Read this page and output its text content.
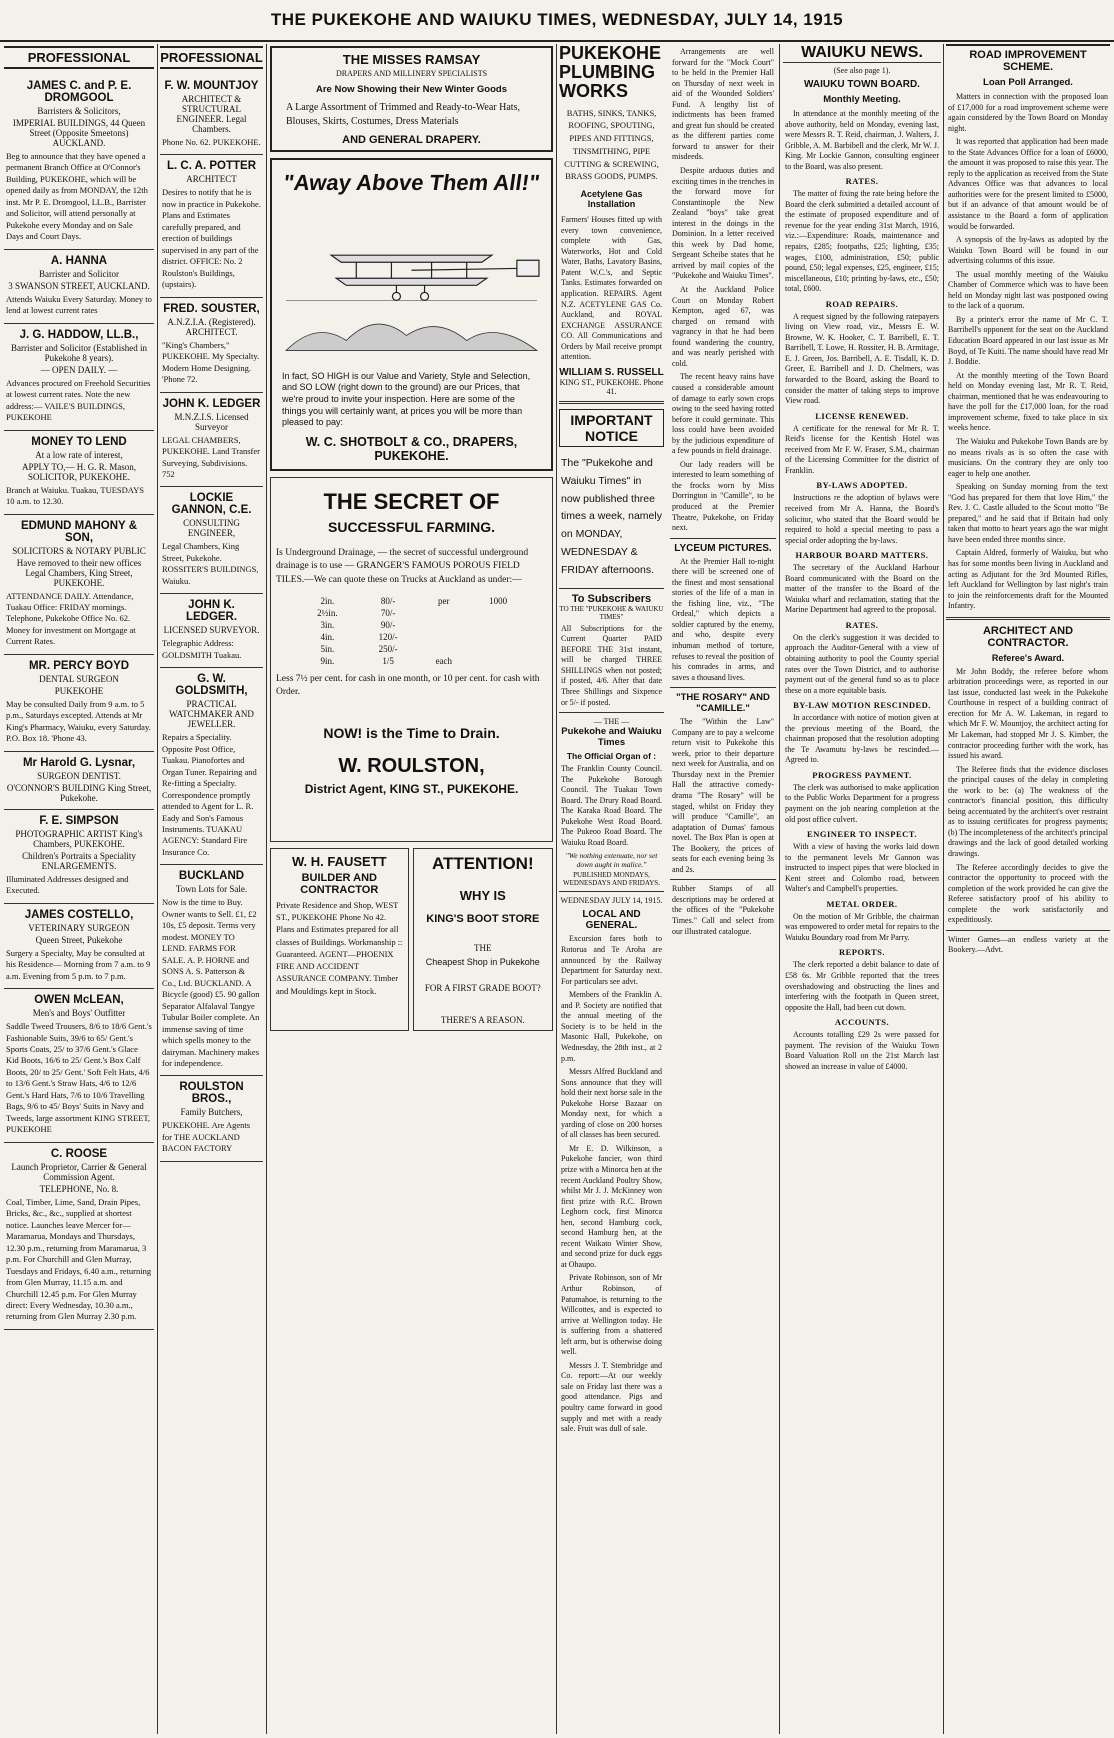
THE PUKEKOHE AND WAIUKU TIMES, WEDNESDAY, JULY 14, 1915
PROFESSIONAL
JAMES C. and P. E. DROMGOOL
Barristers & Solicitors,
IMPERIAL BUILDINGS, 44 Queen Street (Opposite Smeetons) AUCKLAND.
Beg to announce that they have opened a permanent Branch Office at O'Connor's Building, PUKEKOHE, which will be opened daily as from MONDAY, the 12th inst. Mr P. E. Dromgool, LL.B., Barrister and Solicitor, will attend personally at Pukekohe every Monday and on Sale Days and Court Days.
A. HANNA
Barrister and Solicitor
3 SWANSON STREET, AUCKLAND.
Attends Waiuku Every Saturday. Money to lend at lowest current rates
J. G. HADDOW, LL.B.,
Barrister and Solicitor (Established in Pukekohe 8 years).
— OPEN DAILY. —
Advances procured on Freehold Securities at lowest current rates. Note the new address:— VAILE'S BUILDINGS, PUKEKOHE
MONEY TO LEND
At a low rate of interest,
APPLY TO,— H. G. R. Mason, SOLICITOR, PUKEKOHE.
Branch at Waiuku. Tuakau, TUESDAYS 10 a.m. to 12.30.
EDMUND MAHONY & SON,
SOLICITORS & NOTARY PUBLIC
Have removed to their new offices Legal Chambers, King Street, PUKEKOHE.
ATTENDANCE DAILY. Attendance, Tuakau Office: FRIDAY mornings. Telephone, Pukekohe Office No. 62. Money for investment on Mortgage at Current Rates.
MR. PERCY BOYD
DENTAL SURGEON
PUKEKOHE
May be consulted Daily from 9 a.m. to 5 p.m., Saturdays excepted. Attends at Mr King's Pharmacy, Waiuku, every Saturday. P.O. Box 18. 'Phone 43.
Mr Harold G. Lysnar,
SURGEON DENTIST.
O'CONNOR'S BUILDING King Street, Pukekohe.
F. E. SIMPSON
PHOTOGRAPHIC ARTIST King's Chambers, PUKEKOHE.
Children's Portraits a Speciality ENLARGEMENTS.
Illuminated Addresses designed and Executed.
JAMES COSTELLO,
VETERINARY SURGEON
Queen Street, Pukekohe
Surgery a Specialty, May be consulted at his Residence— Morning from 7 a.m. to 9 a.m. Evening from 5 p.m. to 7 p.m.
OWEN McLEAN,
Men's and Boys' Outfitter
Saddle Tweed Trousers, 8/6 to 18/6 Gent.'s Fashionable Suits, 39/6 to 65/ Gent.'s Sports Coats, 25/ to 37/6 Gent.'s Glace Kid Boots, 16/6 to 25/ Gent.'s Box Calf Boots, 20/ to 25/ Gent.' Soft Felt Hats, 4/6 to 13/6 Gent.'s Straw Hats, 4/6 to 12/6 Gent.'s Hard Hats, 7/6 to 10/6 Travelling Bags, 9/6 to 45/ Boys' Suits in Navy and Tweeds, large assortment KING STREET, PUKEKOHE
C. ROOSE
Launch Proprietor, Carrier & General Commission Agent.
TELEPHONE, No. 8.
Coal, Timber, Lime, Sand, Drain Pipes, Bricks, &c., &c., supplied at shortest notice. Launches leave Mercer for—Maramarua, Mondays and Thursdays, 12.30 p.m., returning from Maramarua, 3 p.m. For Churchill and Glen Murray, Tuesdays and Fridays, 6.40 a.m., returning from Glen Murray, 11.15 a.m. and Churchill 12.45 p.m. For Glen Murray direct: Every Wednesday, 10.30 a.m., returning from Glen Murray 2.30 p.m.
PROFESSIONAL
F. W. MOUNTJOY
ARCHITECT & STRUCTURAL ENGINEER. Legal Chambers.
Phone No. 62. PUKEKOHE.
L. C. A. POTTER
ARCHITECT
Desires to notify that he is now in practice in Pukekohe. Plans and Estimates carefully prepared, and erection of buildings supervised in any part of the district. OFFICE: No. 2 Roulston's Buildings, (upstairs).
FRED. SOUSTER,
A.N.Z.I.A. (Registered). ARCHITECT.
"King's Chambers," PUKEKOHE. My Specialty. Modern Home Designing. 'Phone 72.
JOHN K. LEDGER
M.N.Z.I.S. Licensed Surveyor
LEGAL CHAMBERS, PUKEKOHE. Land Transfer Surveying, Subdivisions. 752
LOCKIE GANNON, C.E.
CONSULTING ENGINEER,
Legal Chambers, King Street, Pukekohe. ROSSITER'S BUILDINGS, Waiuku.
JOHN K. LEDGER.
LICENSED SURVEYOR.
Telegraphic Address: GOLDSMITH Tuakau.
G. W. GOLDSMITH,
PRACTICAL WATCHMAKER AND JEWELLER.
Repairs a Speciality. Opposite Post Office, Tuakau. Pianofortes and Organ Tuner. Repairing and Re-fitting a Specialty. Correspondence promptly attended to Agent for L. R. Eady and Son's Famous Instruments. TUAKAU AGENCY: Standard Fire Insurance Co.
BUCKLAND
Town Lots for Sale.
Now is the time to Buy. Owner wants to Sell. £1, £2 10s, £5 deposit. Terms very modest. MONEY TO LEND. FARMS FOR SALE. A. P. HORNE and SONS A. S. Patterson & Co., Ltd. BUCKLAND. A Bicycle (good) £5. 90 gallon Separator Alfalaval Tangye Tubular Boiler complete. An immense saving of time which spells money to the dairyman. Machinery makes for independence.
ROULSTON BROS.,
Family Butchers,
PUKEKOHE. Are Agents for THE AUCKLAND BACON FACTORY
THE MISSES RAMSAY
DRAPERS AND MILLINERY SPECIALISTS
Are Now Showing their New Winter Goods
A Large Assortment of Trimmed and Ready-to-Wear Hats, Blouses, Skirts, Costumes, Dress Materials
AND GENERAL DRAPERY.
"Away Above Them All!"
In fact, SO HIGH is our Value and Variety, Style and Selection, and SO LOW (right down to the ground) are our Prices, that we're proud to invite your inspection. Here are some of the things you will certainly want, at prices you will be more than pleased to pay:
W. C. SHOTBOLT & CO., DRAPERS, PUKEKOHE.
THE SECRET OF
SUCCESSFUL FARMING.
Is Underground Drainage, — the secret of successful underground drainage is to use — GRANGER'S FAMOUS POROUS FIELD TILES.—We can quote these on Trucks at Auckland as under:—
2in.	80/-	per	1000
2½in.	70/-		
3in.	90/-		
4in.	120/-		
5in.	250/-		
9in.	1/5	each	
Less 7½ per cent. for cash in one month, or 10 per cent. for cash with Order.
NOW! is the Time to Drain.
W. ROULSTON,
District Agent, KING ST., PUKEKOHE.
W. H. FAUSETT
BUILDER AND CONTRACTOR
Private Residence and Shop, WEST ST., PUKEKOHE Phone No 42. Plans and Estimates prepared for all classes of Buildings. Workmanship :: Guaranteed. AGENT—PHOENIX FIRE AND ACCIDENT ASSURANCE COMPANY. Timber and Mouldings kept in Stock.
ATTENTION!
WHY IS
KING'S BOOT STORE
THE
Cheapest Shop in Pukekohe
FOR A FIRST GRADE BOOT?
THERE'S A REASON.
PUKEKOHE PLUMBING WORKS
BATHS, SINKS, TANKS, ROOFING, SPOUTING, PIPES AND FITTINGS, TINSMITHING, PIPE CUTTING & SCREWING, BRASS GOODS, PUMPS.
Acetylene Gas Installation
Farmers' Houses fitted up with every town convenience, complete with Gas, Waterworks, Hot and Cold Water, Baths, Lavatory Basins, Patent W.C.'s, and Septic Tanks. Estimates forwarded on application. REPAIRS. Agent N.Z. ACETYLENE GAS Co. Auckland, and ROYAL EXCHANGE ASSURANCE CO. All Communications and Orders by Mail receive prompt attention.
WILLIAM S. RUSSELL
KING ST., PUKEKOHE. Phone 41.
IMPORTANT NOTICE
The "Pukekohe and Waiuku Times" in now published three times a week, namely on MONDAY, WEDNESDAY & FRIDAY afternoons.
To Subscribers
TO THE "PUKEKOHE & WAIUKU TIMES"
All Subscriptions for the Current Quarter PAID BEFORE THE 31st instant, will be charged THREE SHILLINGS when not posted; if posted, 4/6. After that date Three Shillings and Sixpence or 5/- if posted.
— THE —
Pukekohe and Waiuku Times
The Official Organ of :
The Franklin County Council. The Pukekohe Borough Council. The Tuakau Town Board. The Drury Road Board. The Karaka Road Board. The Pukekohe West Road Board. The Pukeoo Road Board. The Waiuku Road Board.
"We nothing extenuate, nor set down aught in malice."
PUBLISHED MONDAYS, WEDNESDAYS AND FRIDAYS.
WEDNESDAY JULY 14, 1915.
LOCAL AND GENERAL.
Excursion fares both to Rotorua and Te Aroha are announced by the Railway Department for Saturday next. For particulars see advt.
Members of the Franklin A. and P. Society are notified that the annual meeting of the Society is to be held in the Masonic Hall, Pukekohe, on Wednesday, the 28th inst., at 2 p.m.
Messrs Alfred Buckland and Sons announce that they will hold their next horse sale in the Pukekohe Horse Bazaar on Monday next, for which a yarding of close on 200 horses of all classes has been secured.
Mr E. D. Wilkinson, a Pukekohe fancier, won third prize with a Minorca hen at the recent Auckland Poultry Show, whilst Mr J. J. McKinney won first prize with R.C. Brown Leghorn cock, first Minorca hen, second Hamburg cock, second Hamburg hen, at the recent Waikato Winter Show, and second prize for duck eggs at Ohaupo.
Private Robinson, son of Mr Arthur Robinson, of Patumahoe, is returning to the Willcottes, and is expected to arrive at Wellington today. He is suffering from a shattered left arm, but is otherwise doing well.
Messrs J. T. Stembridge and Co. report:—At our weekly sale on Friday last there was a good attendance. Pigs and poultry came forward in good supply and met with a ready sale. Fruit was dull of sale.
Arrangements are well forward for the "Mock Court" to be held in the Premier Hall on Thursday of next week in aid of the Wounded Soldiers' Fund. A lengthy list of indictments has been framed and great fun should be created as the different parties come forward to answer for their misdeeds.
Despite arduous duties and exciting times in the trenches in the forward move for Constantinople the New Zealand "boys" take great interest in the doings in the Dominion. In a letter received this week by Dad home, Sergeant Scheibe states that he arrived by mail copies of the "Pukekohe and Waiuku Times".
At the Auckland Police Court on Monday Robert Kempton, aged 67, was charged on remand with vagrancy in that he had been found wandering the country, and was nearly perished with cold.
The recent heavy rains have caused a considerable amount of damage to early sown crops owing to the seed having rotted before it could germinate. This loss could have been avoided by the judicious expenditure of a few pounds in field drainage.
Our lady readers will be interested to learn something of the frocks worn by Miss Dorrington in "Camille", to be produced at the Premier Theatre, Pukekohe, on Friday next.
LYCEUM PICTURES.
At the Premier Hall to-night there will be screened one of the finest and most sensational stories of the life of a man in the fishing line, viz., "The Ordeal," which depicts a soldier captured by the enemy, and who, despite every inhuman method of torture, refuses to reveal the position of his comrades in arms, and saves a thousand lives.
"THE ROSARY" AND "CAMILLE."
The "Within the Law" Company are to pay a welcome return visit to Pukekohe this week, prior to their departure next week for Australia, and on Thursday next in the Premier Hall the attractive comedy-drama "The Rosary" will be staged, whilst on Friday they will produce "Camille", an adaptation of Dumas' famous novel. The Box Plan is open at The Bookery, the prices of seats for each evening being 3s and 2s.
Rubber Stamps of all descriptions may be ordered at the offices of the "Pukekohe Times." Call and select from our illustrated catalogue.
WAIUKU NEWS.
(See also page 1).
WAIUKU TOWN BOARD.
Monthly Meeting.
In attendance at the monthly meeting of the above authority, held on Monday, evening last, were Messrs R. T. Reid, chairman, J. Walters, J. Gribble, A. M. Barbibell and the clerk, Mr W. J. King. Mr Lockie Gannon, consulting engineer to the Board, was also present.
RATES.
The matter of fixing the rate being before the Board the clerk submitted a detailed account of the estimate of proposed expenditure and of revenue for the year ending 31st March, 1916, viz.:—Expenditure: Roads, maintenance and repairs, £285; footpaths, £25; lighting, £35; wages, £100, administration, £50; public pound, £50; legal expenses, £25, engineer, £15; miscellaneous, £10; printing by-laws, etc., £50; total, £600.
ROAD REPAIRS.
A request signed by the following ratepayers living on View road, viz., Messrs E. W. Browne, W. K. Hooker, C. T. Barribell, E. T. Barribell, T. Lowe, H. Rossiter, H. B. Armitage, E. J. Green, Jos. Barribell, A. E. Tisdall, K. D. Greer, E. Barribell and J. D. Chelmers, was forwarded to the Board, asking the Board to consider the matter of taking steps to improve View road.
LICENSE RENEWED.
A certificate for the renewal for Mr R. T. Reid's license for the Kentish Hotel was received from Mr F. W. Fraser, S.M., chairman of the Licensing Committee for the district of Franklin.
BY-LAWS ADOPTED.
Instructions re the adoption of bylaws were received from Mr A. Hanna, the Board's solicitor, who stated that the Board would be required to hold a special meeting to pass a special order adopting the by-laws.
HARBOUR BOARD MATTERS.
The secretary of the Auckland Harbour Board communicated with the Board on the matter of the transfer to the Board of the Waiuku wharf and reclamation, stating that the Marine Department had agreed to the proposal.
RATES.
On the clerk's suggestion it was decided to approach the Auditor-General with a view of obtaining authority to pool the County special rates over the Town District, and to authorise payment out of the general fund so as to place these on a more equitable basis.
BY-LAW MOTION RESCINDED.
In accordance with notice of motion given at the previous meeting of the Board, the chairman proposed that the resolution adopting the Te Awamutu by-laws be rescinded.—Agreed to.
PROGRESS PAYMENT.
The clerk was authorised to make application to the Public Works Department for a progress payment on the job nearing completion at the old post office culvert.
ENGINEER TO INSPECT.
With a view of having the works laid down to the permanent levels Mr Gannon was instructed to inspect pipes that were blocked in Kent street and Colombo road, between Walter's and Campbell's properties.
METAL ORDER.
On the motion of Mr Gribble, the chairman was empowered to order metal for repairs to the Waiuku Boundary road from Mr Parry.
REPORTS.
The clerk reported a debit balance to date of £58 6s. Mr Gribble reported that the trees overshadowing and obstructing the lines and interfering with the footpath in Queen street, opposite the Hall, had been cut down.
ACCOUNTS.
Accounts totalling £29 2s were passed for payment. The revision of the Waiuku Town Board Valuation Roll on the 21st March last showed an increase in value of £4000.
ROAD IMPROVEMENT SCHEME.
Loan Poll Arranged.
Matters in connection with the proposed loan of £17,000 for a road improvement scheme were again considered by the Town Board on Monday night.
It was reported that application had been made to the State Advances Office for a loan of £6000, the amount it was proposed to raise this year. The reply to the application as received from the State Advances Office was that advances to local authorities were for the present limited to £5000, but if an advance of that amount would be of assistance to the Board a form of application would be forwarded.
A synopsis of the by-laws as adopted by the Waiuku Town Board will be found in our advertising columns of this issue.
The usual monthly meeting of the Waiuku Chamber of Commerce which was to have been held on Monday night last was postponed owing to the lack of a quorum.
By a printer's error the name of Mr C. T. Barribell's opponent for the seat on the Auckland Education Board appeared in our last issue as Mr Boyd, of Te Kuiti. The name should have read Mr J. Boddie.
At the monthly meeting of the Town Board held on Monday evening last, Mr R. T. Reid, chairman, mentioned that he was endeavouring to have the poll for the £17,000 loan, for the road improvement scheme, fixed to take place in six weeks hence.
The Waiuku and Pukekohe Town Bands are by no means rivals as is so often the case with musicians. On the contrary they are only too eager to help one another.
Speaking on Sunday morning from the text "God has prepared for them that love Him," the Rev. J. C. Castle alluded to the Scout motto "Be prepared," and he said that if Britain had only taken that motto to heart years ago the war might have been ended three months since.
Captain Aldred, formerly of Waiuku, but who has for some months been living in Auckland and acting as Adjutant for the 3rd Mounted Rifles, left Auckland for Wellington by last night's train to join the reinforcements draft for the Mounted Infantry.
ARCHITECT AND CONTRACTOR.
Referee's Award.
Mr John Boddy, the referee before whom arbitration proceedings were, as reported in our last issue, conducted last week in the Pukekohe Courthouse in respect of a building contract of erection for Mr A. W. Lakeman, in regard to which Mr F. W. Mountjoy, the architect acting for Mr Lakeman, had stopped Mr J. S. Kimber, the contractor proceeding further with the work, has issued his award.
The Referee finds that the evidence discloses the principal causes of the delay in completing the work to be: (a) The weakness of the contractor's financial position, this difficulty being accentuated by the architect's over restraint as to issuing certificates for progress payments; (b) The incompleteness of the architect's principal drawings and the lack of good detailed working drawings.
The Referee accordingly decides to give the contractor the opportunity to proceed with the completion of the work provided he can give the Referee satisfactory proof of his ability to complete the work satisfactorily and expeditiously.
Winter Games—an endless variety at the Bookery.—Advt.
